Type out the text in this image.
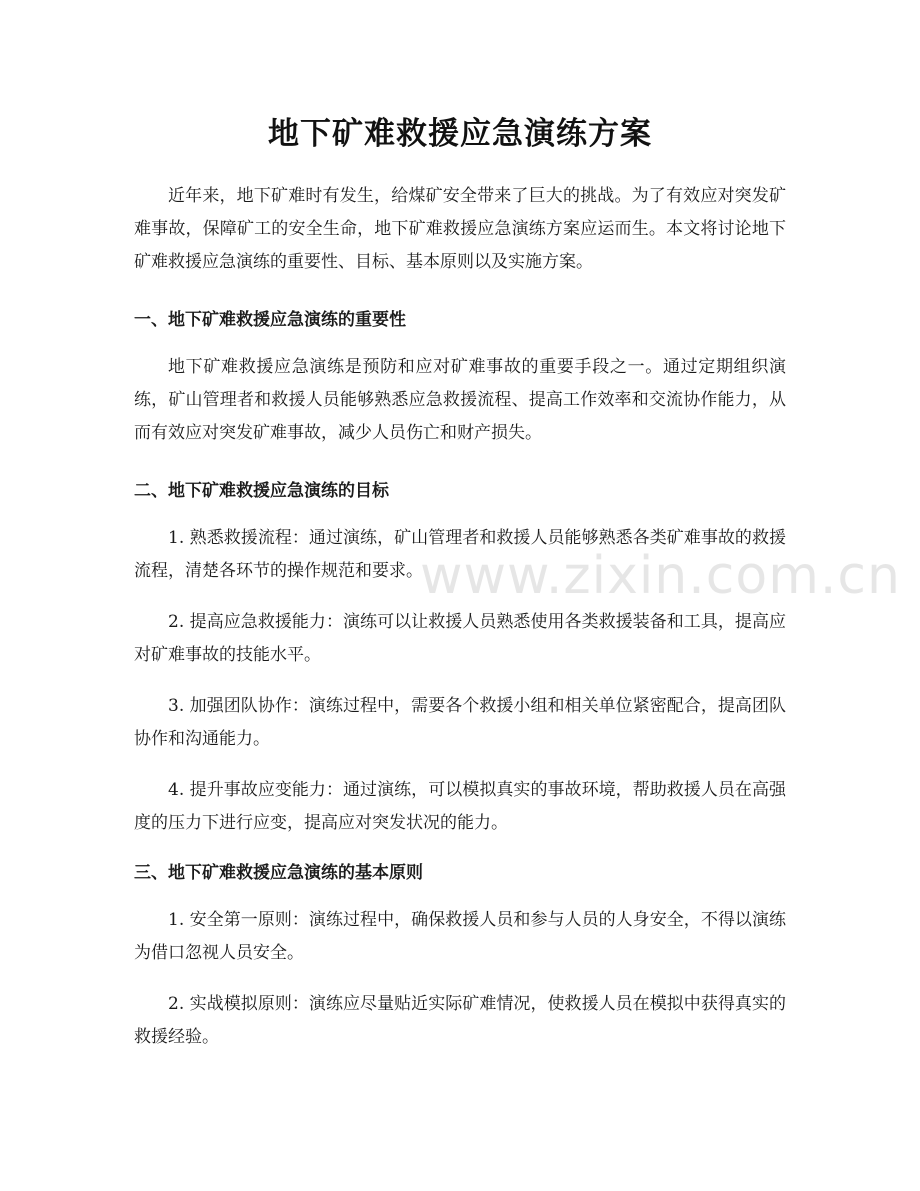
地下矿难救援应急演练方案

近年来，地下矿难时有发生，给煤矿安全带来了巨大的挑战。为了有效应对突发矿难事故，保障矿工的安全生命，地下矿难救援应急演练方案应运而生。本文将讨论地下矿难救援应急演练的重要性、目标、基本原则以及实施方案。

一、地下矿难救援应急演练的重要性

地下矿难救援应急演练是预防和应对矿难事故的重要手段之一。通过定期组织演练，矿山管理者和救援人员能够熟悉应急救援流程、提高工作效率和交流协作能力，从而有效应对突发矿难事故，减少人员伤亡和财产损失。

二、地下矿难救援应急演练的目标

1. 熟悉救援流程：通过演练，矿山管理者和救援人员能够熟悉各类矿难事故的救援流程，清楚各环节的操作规范和要求。

2. 提高应急救援能力：演练可以让救援人员熟悉使用各类救援装备和工具，提高应对矿难事故的技能水平。

3. 加强团队协作：演练过程中，需要各个救援小组和相关单位紧密配合，提高团队协作和沟通能力。

4. 提升事故应变能力：通过演练，可以模拟真实的事故环境，帮助救援人员在高强度的压力下进行应变，提高应对突发状况的能力。

三、地下矿难救援应急演练的基本原则

1. 安全第一原则：演练过程中，确保救援人员和参与人员的人身安全，不得以演练为借口忽视人员安全。

2. 实战模拟原则：演练应尽量贴近实际矿难情况，使救援人员在模拟中获得真实的救援经验。

www.zixin.com.cn
